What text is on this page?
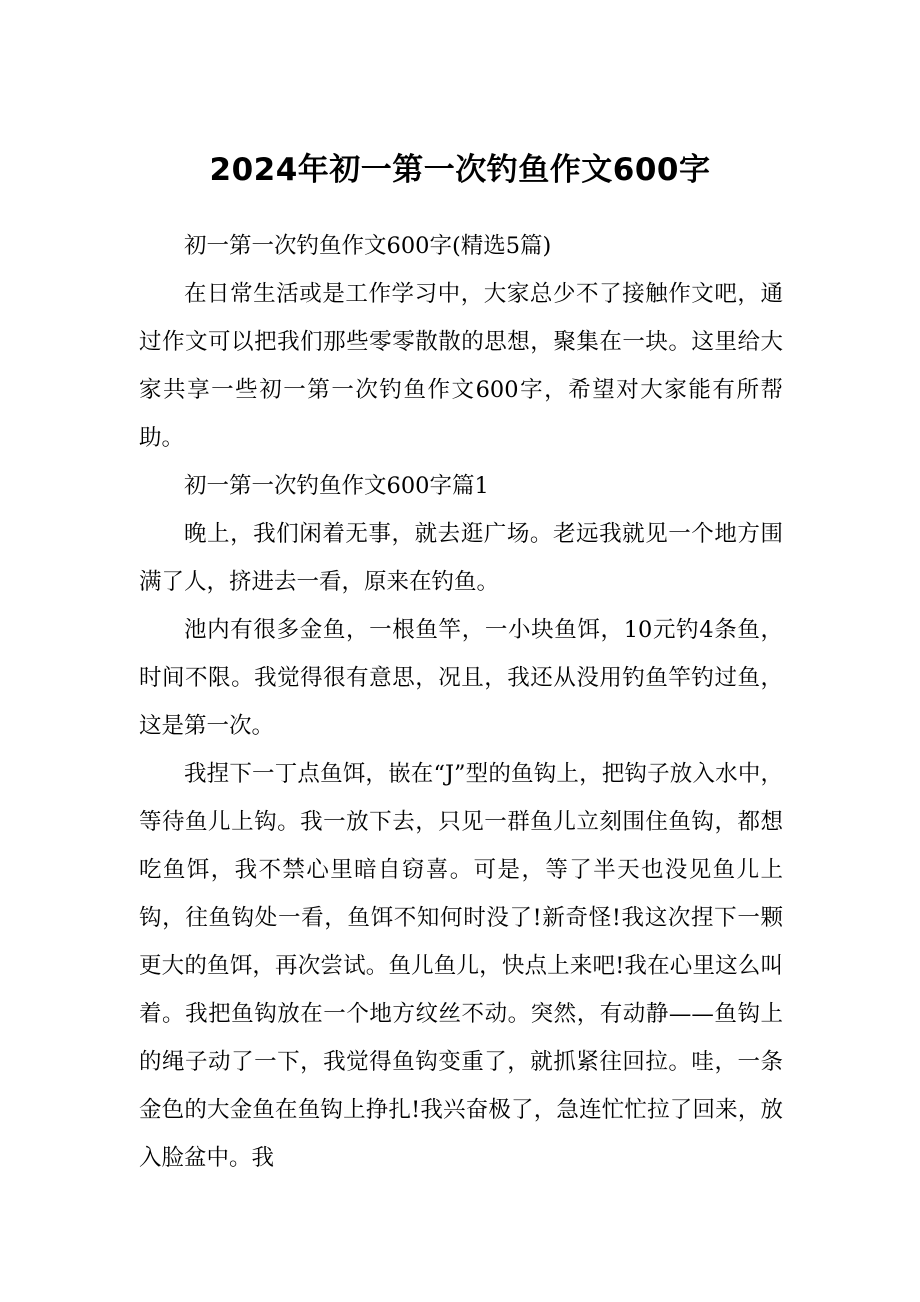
2024年初一第一次钓鱼作文600字

初一第一次钓鱼作文600字(精选5篇)

在日常生活或是工作学习中，大家总少不了接触作文吧，通过作文可以把我们那些零零散散的思想，聚集在一块。这里给大家共享一些初一第一次钓鱼作文600字，希望对大家能有所帮助。

初一第一次钓鱼作文600字篇1

晚上，我们闲着无事，就去逛广场。老远我就见一个地方围满了人，挤进去一看，原来在钓鱼。

池内有很多金鱼，一根鱼竿，一小块鱼饵，10元钓4条鱼，时间不限。我觉得很有意思，况且，我还从没用钓鱼竿钓过鱼，这是第一次。

我捏下一丁点鱼饵，嵌在“J”型的鱼钩上，把钩子放入水中，等待鱼儿上钩。我一放下去，只见一群鱼儿立刻围住鱼钩，都想吃鱼饵，我不禁心里暗自窃喜。可是，等了半天也没见鱼儿上钩，往鱼钩处一看，鱼饵不知何时没了!新奇怪!我这次捏下一颗更大的鱼饵，再次尝试。鱼儿鱼儿，快点上来吧!我在心里这么叫着。我把鱼钩放在一个地方纹丝不动。突然，有动静——鱼钩上的绳子动了一下，我觉得鱼钩变重了，就抓紧往回拉。哇，一条金色的大金鱼在鱼钩上挣扎!我兴奋极了，急连忙忙拉了回来，放入脸盆中。我
